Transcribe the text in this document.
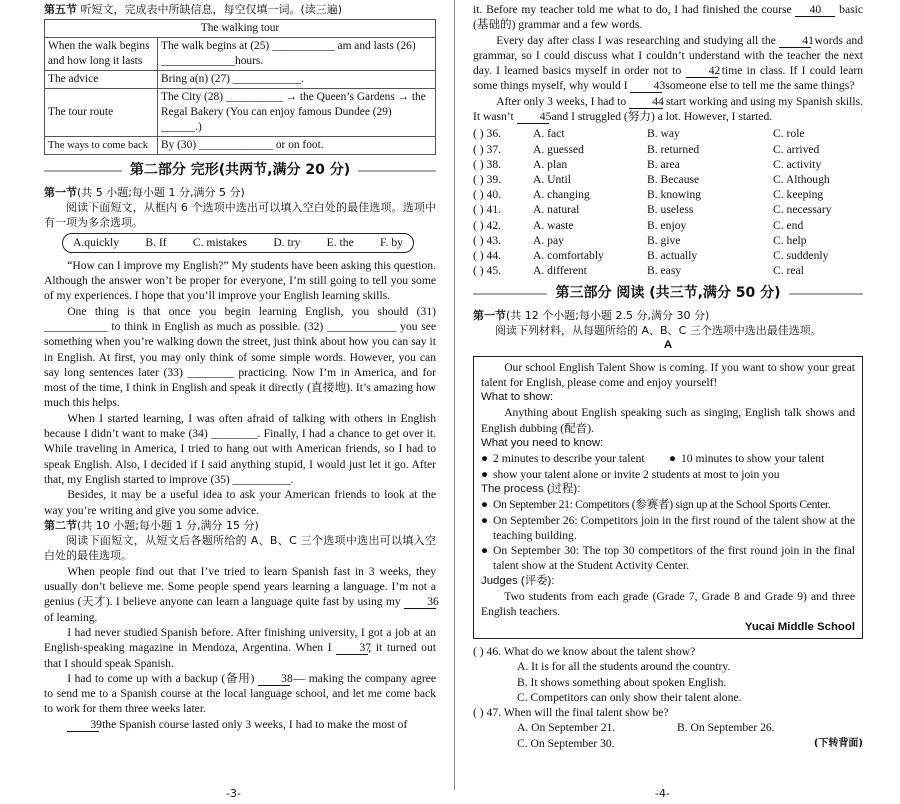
第五节 听短文，完成表中所缺信息，每空仅填一词。(读三遍)

The walking tour	
When the walk begins and how long it lasts	The walk begins at (25) ___________ am and lasts (26) _____________hours.
The advice	Bring a(n) (27) ____________.
The tour route	The City (28) __________ → the Queen’s Gardens → the Regal Bakery (You can enjoy famous Dundee (29) ______.)
The ways to come back	By (30) _____________ or on foot.
第二部分 完形(共两节,满分 20 分)

第一节(共 5 小题;每小题 1 分,满分 5 分)

阅读下面短文，从框内 6 个选项中选出可以填入空白处的最佳选项。选项中有一项为多余选项。

A.quickly B. If C. mistakes D. try E. the F. by

“How can I improve my English?” My students have been asking this question. Although the answer won’t be proper for everyone, I’m still going to tell you some of my experiences. I hope that you’ll improve your English learning skills.

One thing is that once you begin learning English, you should (31) ___________ to think in English as much as possible. (32) ____________ you see something when you’re walking down the street, just think about how you can say it in English. At first, you may only think of some simple words. However, you can say long sentences later (33) ________ practicing. Now I’m in America, and for most of the time, I think in English and speak it directly (直接地). It’s amazing how much this helps.

When I started learning, I was often afraid of talking with others in English because I didn’t want to make (34) ________. Finally, I had a chance to get over it. While traveling in America, I tried to hang out with American friends, so I had to speak English. Also, I decided if I said anything stupid, I would just let it go. After that, my English started to improve (35) __________.

Besides, it may be a useful idea to ask your American friends to look at the way you’re writing and give you some advice.

第二节(共 10 小题;每小题 1 分,满分 15 分)

阅读下面短文，从短文后各题所给的 A、B、C 三个选项中选出可以填入空白处的最佳选项。

When people find out that I’ve tried to learn Spanish fast in 3 weeks, they usually don’t believe me. Some people spend years learning a language. I’m not a genius (天才). I believe anyone can learn a language quite fast by using my 36 of learning.

I had never studied Spanish before. After finishing university, I got a job at an English-speaking magazine in Mendoza, Argentina. When I 37, it turned out that I should speak Spanish.

I had to come up with a backup (备用) 38 — making the company agree to send me to a Spanish course at the local language school, and let me come back to work for them three weeks later.

39 the Spanish course lasted only 3 weeks, I had to make the most of

it. Before my teacher told me what to do, I had finished the course 40 basic (基础的) grammar and a few words.

Every day after class I was researching and studying all the 41 words and grammar, so I could discuss what I couldn’t understand with the teacher the next day. I learned basics myself in order not to 42 time in class. If I could learn some things myself, why would I 43 someone else to tell me the same things?

After only 3 weeks, I had to 44 start working and using my Spanish skills. It wasn’t 45 and I struggled (努力) a lot. However, I started.

( ) 36.	A. fact	B. way	C. role
( ) 37.	A. guessed	B. returned	C. arrived
( ) 38.	A. plan	B. area	C. activity
( ) 39.	A. Until	B. Because	C. Although
( ) 40.	A. changing	B. knowing	C. keeping
( ) 41.	A. natural	B. useless	C. necessary
( ) 42.	A. waste	B. enjoy	C. end
( ) 43.	A. pay	B. give	C. help
( ) 44.	A. comfortably	B. actually	C. suddenly
( ) 45.	A. different	B. easy	C. real
第三部分 阅读 (共三节,满分 50 分)

第一节(共 12 个小题;每小题 2.5 分,满分 30 分)

阅读下列材料，从每题所给的 A、B、C 三个选项中选出最佳选项。

A

Our school English Talent Show is coming. If you want to show your great talent for English, please come and enjoy yourself!

What to show:

Anything about English speaking such as singing, English talk shows and English dubbing (配音).

What you need to know:
● 2 minutes to describe your talent ● 10 minutes to show your talent
● show your talent alone or invite 2 students at most to join you
The process (过程):
● On September 21: Competitors (参赛者) sign up at the School Sports Center.
● On September 26: Competitors join in the first round of the talent show at the teaching building.
● On September 30: The top 30 competitors of the first round join in the final talent show at the Student Activity Center.
Judges (评委):

Two students from each grade (Grade 7, Grade 8 and Grade 9) and three English teachers.

Yucai Middle School
( ) 46. What do we know about the talent show?
A. It is for all the students around the country.
B. It shows something about spoken English.
C. Competitors can only show their talent alone.
( ) 47. When will the final talent show be?
A. On September 21.	B. On September 26.
C. On September 30.	(下转背面)
-3-	-4-
